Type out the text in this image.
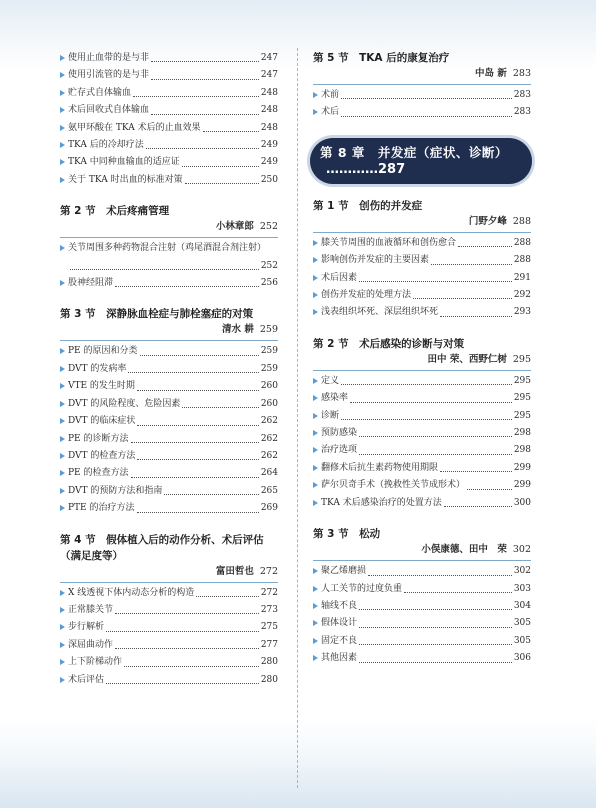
使用止血带的是与非	247
使用引流管的是与非	247
贮存式自体输血	248
术后回收式自体输血	248
氨甲环酸在 TKA 术后的止血效果	248
TKA 后的冷却疗法	249
TKA 中同种血输血的适应证	249
关于 TKA 时出血的标准对策	250
第 2 节　术后疼痛管理
小林章郎 252
关节周围多种药物混合注射（鸡尾酒混合剂注射）
252
股神经阻滞	256
第 3 节　深静脉血栓症与肺栓塞症的对策
清水 耕 259
PE 的原因和分类	259
DVT 的发病率	259
VTE 的发生时期	260
DVT 的风险程度、危险因素	260
DVT 的临床症状	262
PE 的诊断方法	262
DVT 的检查方法	262
PE 的检查方法	264
DVT 的预防方法和指南	265
PTE 的治疗方法	269
第 4 节　假体植入后的动作分析、术后评估（满足度等）
富田哲也 272
X 线透视下体内动态分析的构造	272
正常膝关节	273
步行解析	275
深屈曲动作	277
上下阶梯动作	280
术后评估	280
第 5 节　TKA 后的康复治疗
中岛 新 283
术前	283
术后	283
第 8 章　并发症（症状、诊断）
…………287
第 1 节　创伤的并发症
门野夕峰 288
膝关节周围的血液循环和创伤愈合	288
影响创伤并发症的主要因素	288
术后因素	291
创伤并发症的处理方法	292
浅表组织坏死、深层组织坏死	293
第 2 节　术后感染的诊断与对策
田中 荣、西野仁树 295
定义	295
感染率	295
诊断	295
预防感染	298
治疗选项	298
翻修术后抗生素药物使用期限	299
萨尔贝奇手术（挽救性关节成形术）	299
TKA 术后感染治疗的处置方法	300
第 3 节　松动
小俣康德、田中　荣 302
聚乙烯磨损	302
人工关节的过度负重	303
轴线不良	304
假体设计	305
固定不良	305
其他因素	306
